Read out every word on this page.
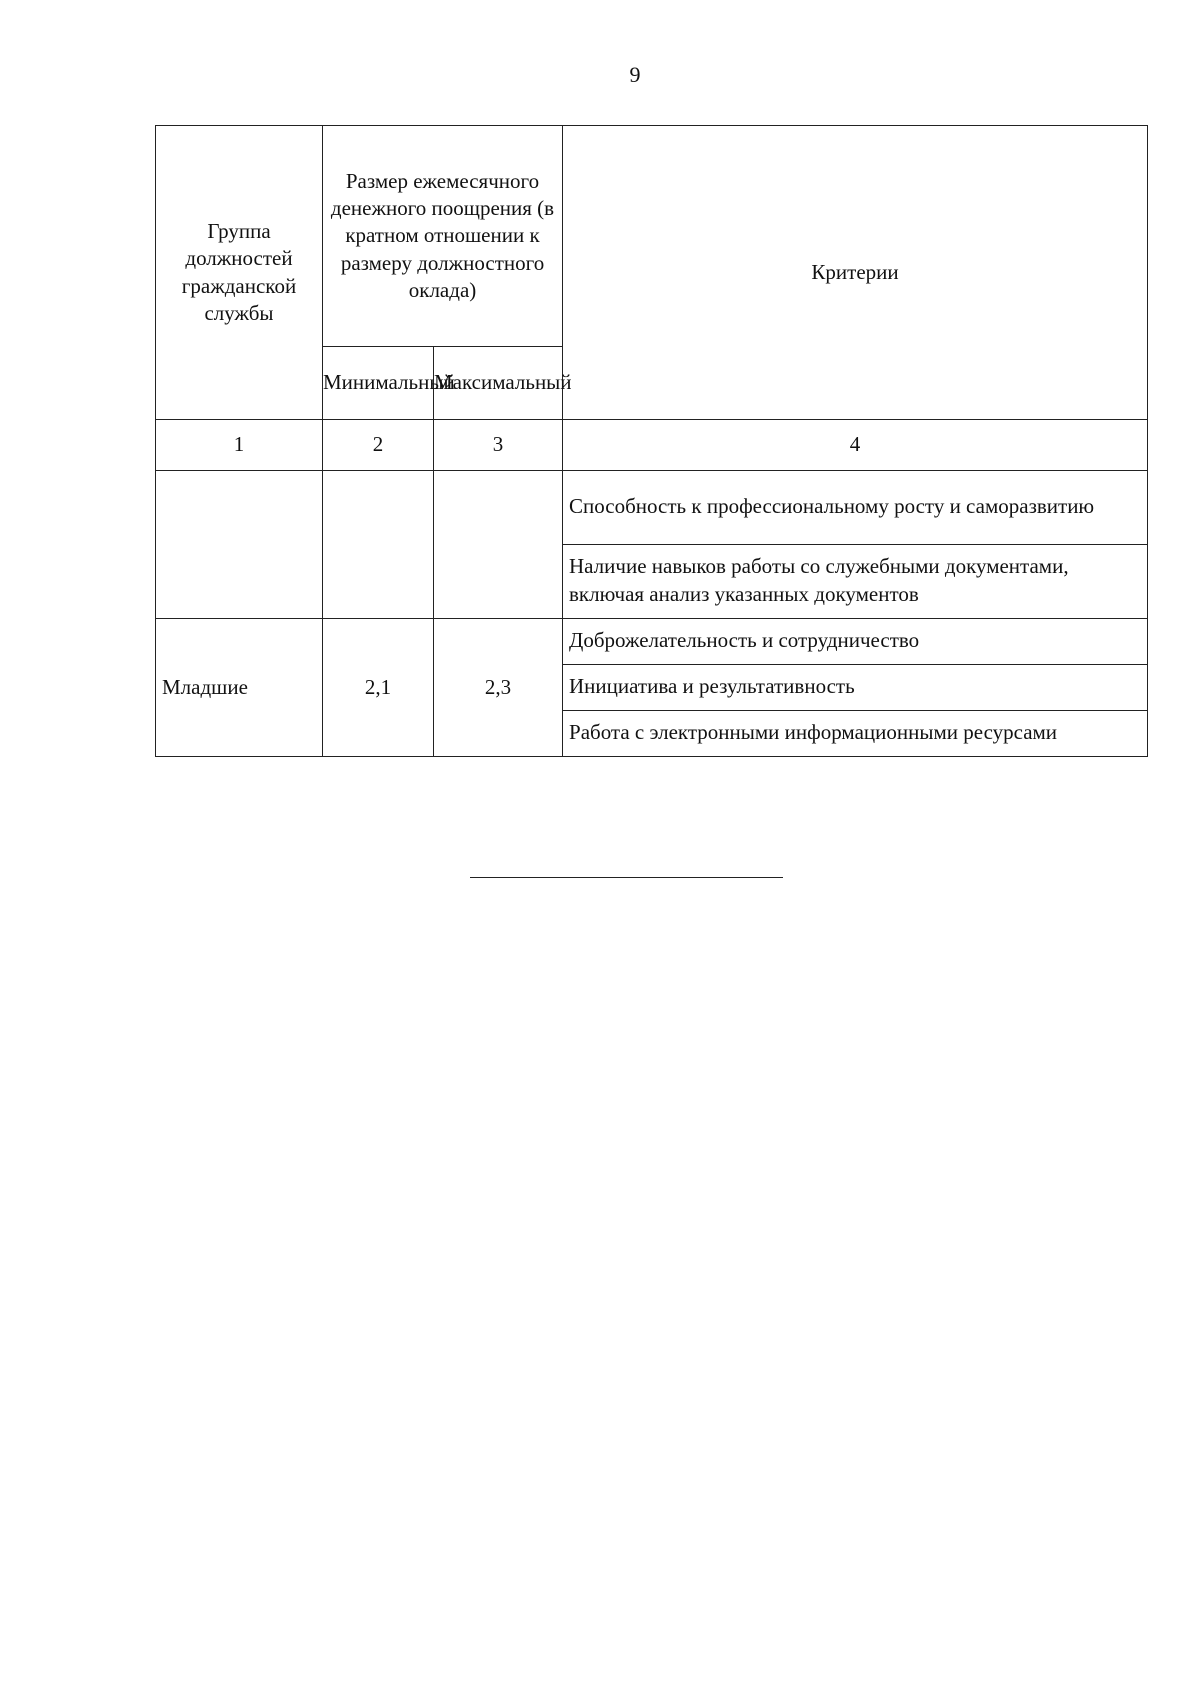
9
Группа должностей гражданской службы	Размер ежемесячного денежного поощрения (в кратном отношении к размеру должностного оклада)		Критерии
	Минимальный	Максимальный	
1	2	3	4
			Способность к профессиональному росту и саморазвитию
			Наличие навыков работы со служебными документами, включая анализ указанных документов
Младшие	2,1	2,3	Доброжелательность и сотрудничество
			Инициатива и результативность
			Работа с электронными информационными ресурсами
